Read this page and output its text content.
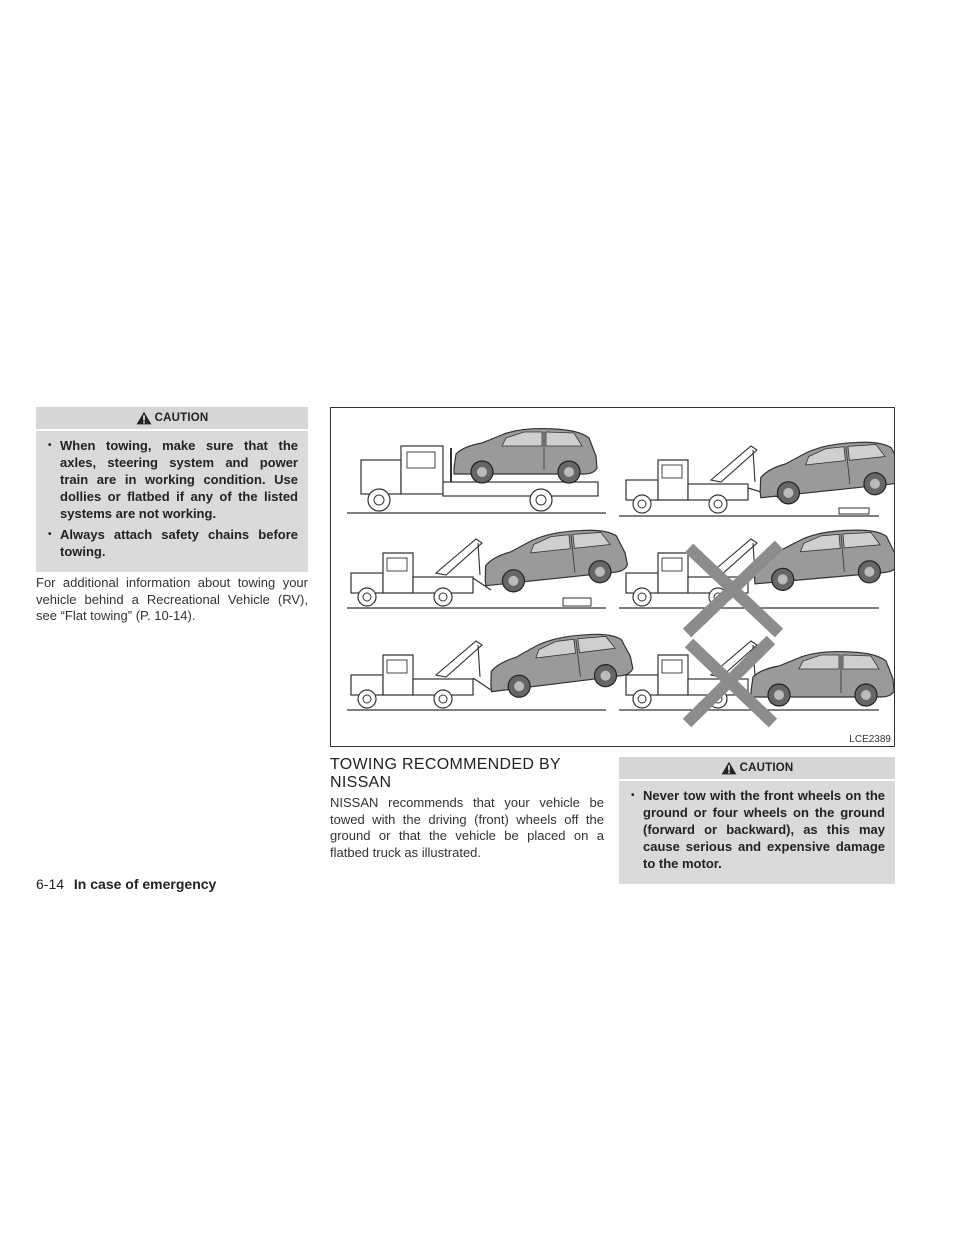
CAUTION
• When towing, make sure that the axles, steering system and power train are in working condition. Use dollies or flatbed if any of the listed systems are not working.
• Always attach safety chains before towing.

For additional information about towing your vehicle behind a Recreational Vehicle (RV), see “Flat towing” (P. 10-14).

LCE2389
TOWING RECOMMENDED BY NISSAN

NISSAN recommends that your vehicle be towed with the driving (front) wheels off the ground or that the vehicle be placed on a flatbed truck as illustrated.

CAUTION
• Never tow with the front wheels on the ground or four wheels on the ground (forward or backward), as this may cause serious and expensive damage to the motor.
6-14 In case of emergency
